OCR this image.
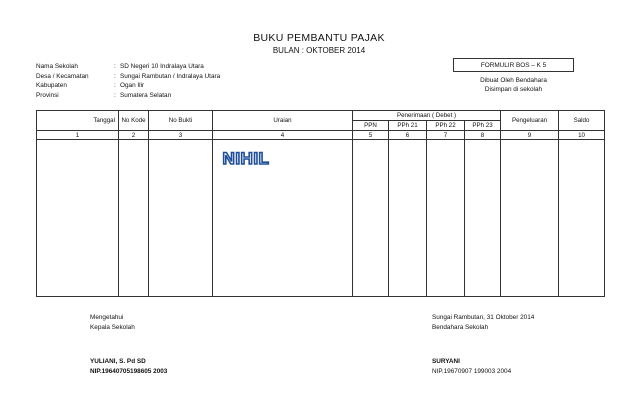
BUKU PEMBANTU PAJAK
BULAN : OKTOBER 2014
Nama Sekolah	: SD Negeri 10 Indralaya Utara
Desa / Kecamatan	: Sungai Rambutan / Indralaya Utara
Kabupaten	: Ogan Ilir
Provinsi	: Sumatera Selatan
FORMULIR BOS – K 5
Dibuat Oleh Bendahara
Disimpan di sekolah
Tanggal	No Kode	No Bukti	Uraian	Penerimaan ( Debet )				Pengeluaran	Saldo
				PPN	PPh 21	PPh 22	PPh 23		
1	2	3	4	5	6	7	8	9	10

NIHIL
Mengetahui
Kepala Sekolah
Sungai Rambutan, 31 Oktober 2014
Bendahara Sekolah
YULIANI, S. Pd SD
NIP.19640705198605 2003
SURYANI
NIP.19670907 199003 2004
